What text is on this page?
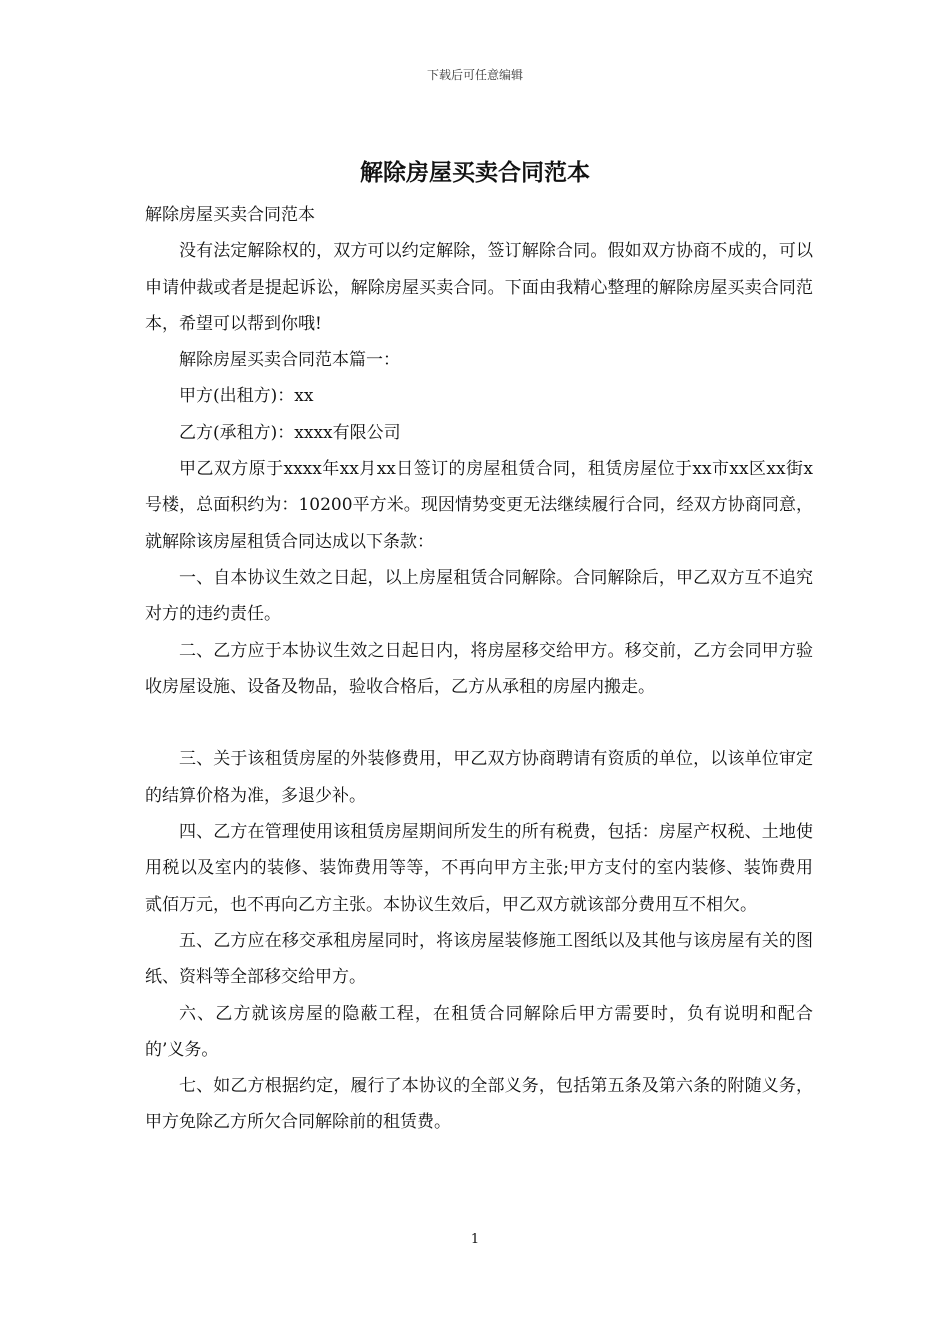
下载后可任意编辑
解除房屋买卖合同范本

解除房屋买卖合同范本

没有法定解除权的，双方可以约定解除，签订解除合同。假如双方协商不成的，可以申请仲裁或者是提起诉讼，解除房屋买卖合同。下面由我精心整理的解除房屋买卖合同范本，希望可以帮到你哦!

解除房屋买卖合同范本篇一：

甲方(出租方)：xx

乙方(承租方)：xxxx有限公司

甲乙双方原于xxxx年xx月xx日签订的房屋租赁合同，租赁房屋位于xx市xx区xx街x号楼，总面积约为：10200平方米。现因情势变更无法继续履行合同，经双方协商同意，就解除该房屋租赁合同达成以下条款：

一、自本协议生效之日起，以上房屋租赁合同解除。合同解除后，甲乙双方互不追究对方的违约责任。

二、乙方应于本协议生效之日起日内，将房屋移交给甲方。移交前，乙方会同甲方验收房屋设施、设备及物品，验收合格后，乙方从承租的房屋内搬走。

三、关于该租赁房屋的外装修费用，甲乙双方协商聘请有资质的单位，以该单位审定的结算价格为准，多退少补。

四、乙方在管理使用该租赁房屋期间所发生的所有税费，包括：房屋产权税、土地使用税以及室内的装修、装饰费用等等，不再向甲方主张;甲方支付的室内装修、装饰费用贰佰万元，也不再向乙方主张。本协议生效后，甲乙双方就该部分费用互不相欠。

五、乙方应在移交承租房屋同时，将该房屋装修施工图纸以及其他与该房屋有关的图纸、资料等全部移交给甲方。

六、乙方就该房屋的隐蔽工程，在租赁合同解除后甲方需要时，负有说明和配合的’义务。

七、如乙方根据约定，履行了本协议的全部义务，包括第五条及第六条的附随义务，甲方免除乙方所欠合同解除前的租赁费。

1
